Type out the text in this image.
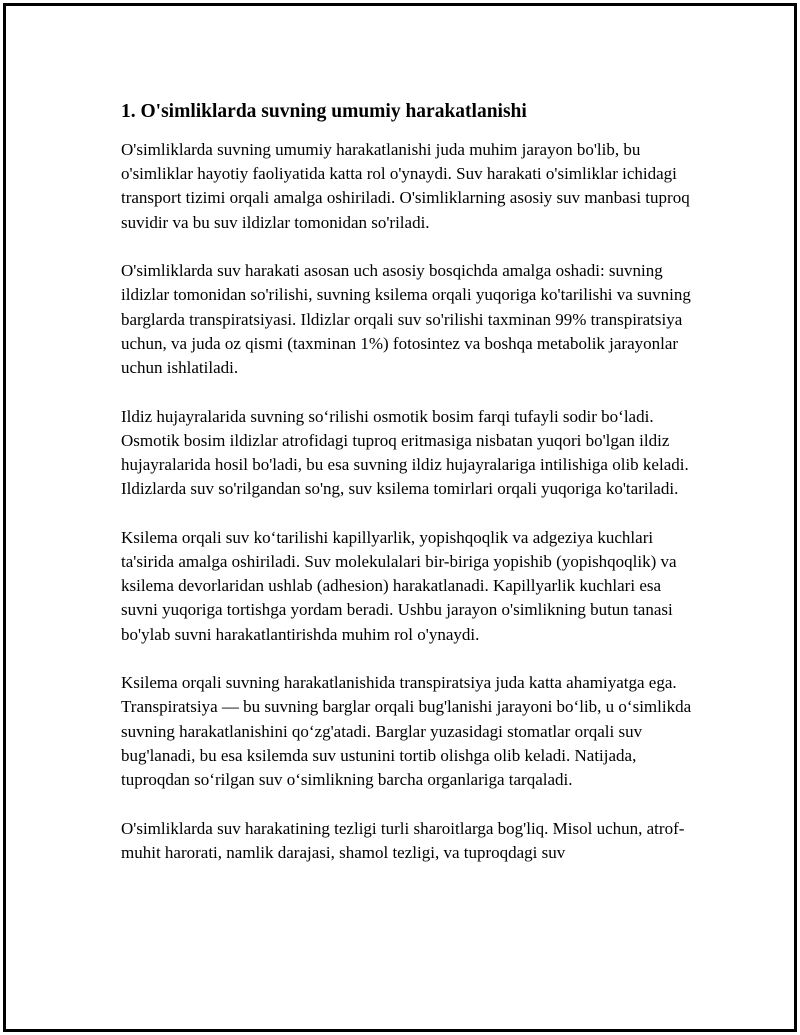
1. O'simliklarda suvning umumiy harakatlanishi

O'simliklarda suvning umumiy harakatlanishi juda muhim jarayon bo'lib, bu o'simliklar hayotiy faoliyatida katta rol o'ynaydi. Suv harakati o'simliklar ichidagi transport tizimi orqali amalga oshiriladi. O'simliklarning asosiy suv manbasi tuproq suvidir va bu suv ildizlar tomonidan so'riladi.

O'simliklarda suv harakati asosan uch asosiy bosqichda amalga oshadi: suvning ildizlar tomonidan so'rilishi, suvning ksilema orqali yuqoriga ko'tarilishi va suvning barglarda transpiratsiyasi. Ildizlar orqali suv so'rilishi taxminan 99% transpiratsiya uchun, va juda oz qismi (taxminan 1%) fotosintez va boshqa metabolik jarayonlar uchun ishlatiladi.

Ildiz hujayralarida suvning so‘rilishi osmotik bosim farqi tufayli sodir bo‘ladi. Osmotik bosim ildizlar atrofidagi tuproq eritmasiga nisbatan yuqori bo'lgan ildiz hujayralarida hosil bo'ladi, bu esa suvning ildiz hujayralariga intilishiga olib keladi. Ildizlarda suv so'rilgandan so'ng, suv ksilema tomirlari orqali yuqoriga ko'tariladi.

Ksilema orqali suv ko‘tarilishi kapillyarlik, yopishqoqlik va adgeziya kuchlari ta'sirida amalga oshiriladi. Suv molekulalari bir-biriga yopishib (yopishqoqlik) va ksilema devorlaridan ushlab (adhesion) harakatlanadi. Kapillyarlik kuchlari esa suvni yuqoriga tortishga yordam beradi. Ushbu jarayon o'simlikning butun tanasi bo'ylab suvni harakatlantirishda muhim rol o'ynaydi.

Ksilema orqali suvning harakatlanishida transpiratsiya juda katta ahamiyatga ega. Transpiratsiya — bu suvning barglar orqali bug'lanishi jarayoni bo‘lib, u o‘simlikda suvning harakatlanishini qo‘zg'atadi. Barglar yuzasidagi stomatlar orqali suv bug'lanadi, bu esa ksilemda suv ustunini tortib olishga olib keladi. Natijada, tuproqdan so‘rilgan suv o‘simlikning barcha organlariga tarqaladi.

O'simliklarda suv harakatining tezligi turli sharoitlarga bog'liq. Misol uchun, atrof-muhit harorati, namlik darajasi, shamol tezligi, va tuproqdagi suv
